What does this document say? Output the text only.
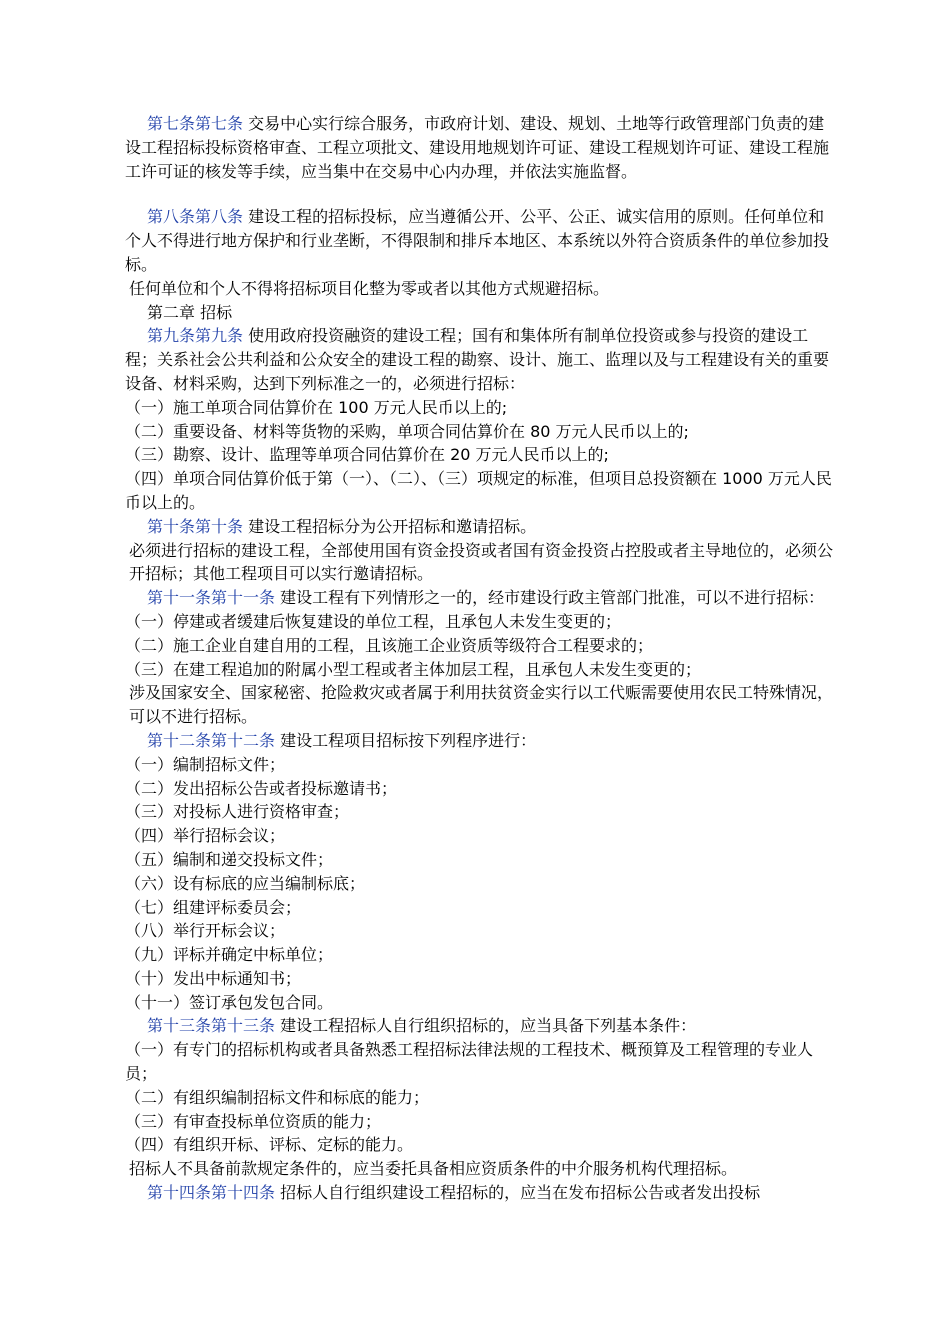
第七条第七条 交易中心实行综合服务，市政府计划、建设、规划、土地等行政管理部门负责的建设工程招标投标资格审查、工程立项批文、建设用地规划许可证、建设工程规划许可证、建设工程施工许可证的核发等手续，应当集中在交易中心内办理，并依法实施监督。

第八条第八条 建设工程的招标投标，应当遵循公开、公平、公正、诚实信用的原则。任何单位和个人不得进行地方保护和行业垄断，不得限制和排斥本地区、本系统以外符合资质条件的单位参加投标。

任何单位和个人不得将招标项目化整为零或者以其他方式规避招标。

第二章 招标

第九条第九条 使用政府投资融资的建设工程；国有和集体所有制单位投资或参与投资的建设工程；关系社会公共利益和公众安全的建设工程的勘察、设计、施工、监理以及与工程建设有关的重要设备、材料采购，达到下列标准之一的，必须进行招标：

（一）施工单项合同估算价在 100 万元人民币以上的;

（二）重要设备、材料等货物的采购，单项合同估算价在 80 万元人民币以上的;

（三）勘察、设计、监理等单项合同估算价在 20 万元人民币以上的;

（四）单项合同估算价低于第（一）、（二）、（三）项规定的标准，但项目总投资额在 1000 万元人民币以上的。

第十条第十条 建设工程招标分为公开招标和邀请招标。

必须进行招标的建设工程，全部使用国有资金投资或者国有资金投资占控股或者主导地位的，必须公开招标；其他工程项目可以实行邀请招标。

第十一条第十一条 建设工程有下列情形之一的，经市建设行政主管部门批准，可以不进行招标：

（一）停建或者缓建后恢复建设的单位工程，且承包人未发生变更的；

（二）施工企业自建自用的工程，且该施工企业资质等级符合工程要求的；

（三）在建工程追加的附属小型工程或者主体加层工程，且承包人未发生变更的；

涉及国家安全、国家秘密、抢险救灾或者属于利用扶贫资金实行以工代赈需要使用农民工特殊情况，可以不进行招标。

第十二条第十二条 建设工程项目招标按下列程序进行：

（一）编制招标文件；

（二）发出招标公告或者投标邀请书；

（三）对投标人进行资格审查；

（四）举行招标会议；

（五）编制和递交投标文件；

（六）设有标底的应当编制标底；

（七）组建评标委员会；

（八）举行开标会议；

（九）评标并确定中标单位；

（十）发出中标通知书；

（十一）签订承包发包合同。

第十三条第十三条 建设工程招标人自行组织招标的，应当具备下列基本条件：

（一）有专门的招标机构或者具备熟悉工程招标法律法规的工程技术、概预算及工程管理的专业人员；

（二）有组织编制招标文件和标底的能力；

（三）有审查投标单位资质的能力；

（四）有组织开标、评标、定标的能力。

招标人不具备前款规定条件的，应当委托具备相应资质条件的中介服务机构代理招标。

第十四条第十四条 招标人自行组织建设工程招标的，应当在发布招标公告或者发出投标
